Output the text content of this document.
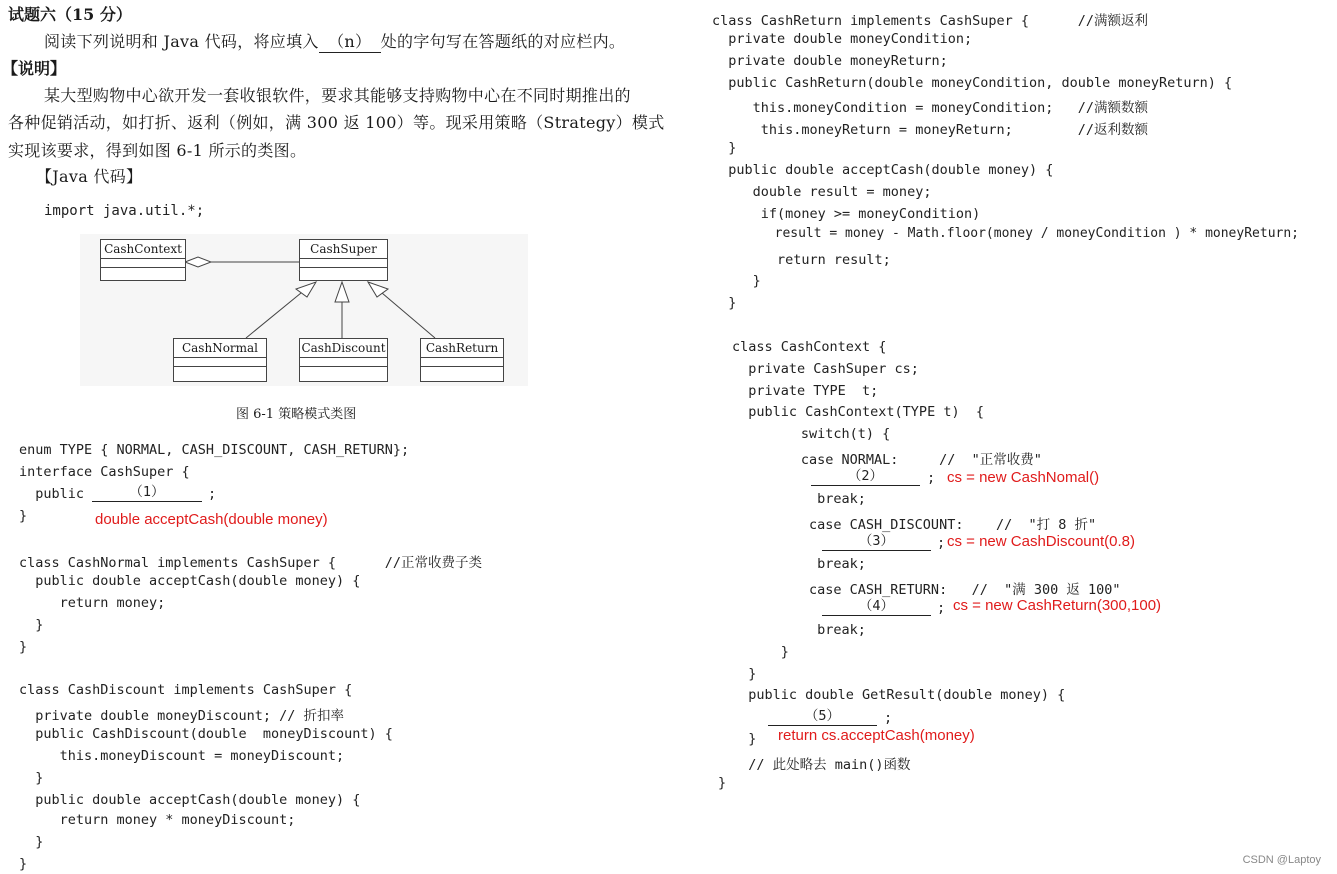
试题六（15 分）
阅读下列说明和 Java 代码，将应填入 （n） 处的字句写在答题纸的对应栏内。
【说明】
某大型购物中心欲开发一套收银软件，要求其能够支持购物中心在不同时期推出的
各种促销活动，如打折、返利（例如，满 300 返 100）等。现采用策略（Strategy）模式
实现该要求，得到如图 6-1 所示的类图。
【Java 代码】
import java.util.*;
CashContext	CashSuper
CashNormal	CashDiscount	CashReturn
图 6-1 策略模式类图
enum TYPE { NORMAL, CASH_DISCOUNT, CASH_RETURN};
interface CashSuper {
public	（1）	;
}	double acceptCash(double money)
class CashNormal implements CashSuper {      //正常收费子类
public double acceptCash(double money) {
return money;
}
}
class CashDiscount implements CashSuper {
private double moneyDiscount; // 折扣率
public CashDiscount(double  moneyDiscount) {
this.moneyDiscount = moneyDiscount;
}
public double acceptCash(double money) {
return money * moneyDiscount;
}
}
class CashReturn implements CashSuper {      //满额返利
private double moneyCondition;
private double moneyReturn;
public CashReturn(double moneyCondition, double moneyReturn) {
this.moneyCondition = moneyCondition;   //满额数额
this.moneyReturn = moneyReturn;        //返利数额
}
public double acceptCash(double money) {
double result = money;
if(money >= moneyCondition)
result = money - Math.floor(money / moneyCondition ) * moneyReturn;
return result;
}
}
class CashContext {
private CashSuper cs;
private TYPE  t;
public CashContext(TYPE t)  {
switch(t) {
case NORMAL:     //  "正常收费"
（2）	; cs = new CashNomal()
break;
case CASH_DISCOUNT:    //  "打 8 折"
（3）	; cs = new CashDiscount(0.8)
break;
case CASH_RETURN:   //  "满 300 返 100"
（4）	; cs = new CashReturn(300,100)
break;
}
}
public double GetResult(double money) {
（5）	;
} return cs.acceptCash(money)
// 此处略去 main()函数
}
CSDN @Laptoy
